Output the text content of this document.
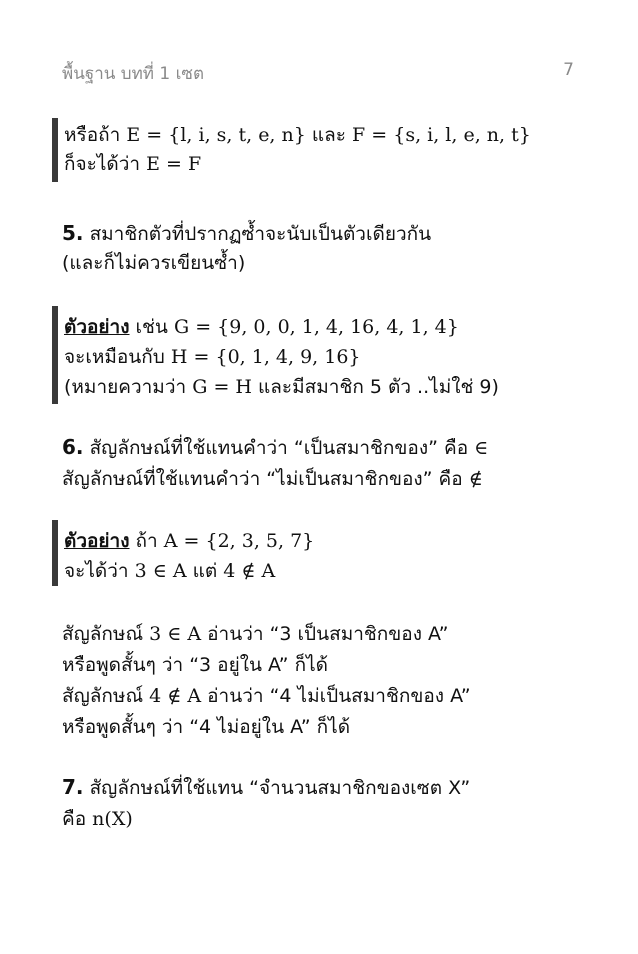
พื้นฐาน บทที่ 1 เซต	7
หรือถ้า E = {l, i, s, t, e, n} และ F = {s, i, l, e, n, t}
ก็จะได้ว่า E = F
5. สมาชิกตัวที่ปรากฏซ้ำจะนับเป็นตัวเดียวกัน
(และก็ไม่ควรเขียนซ้ำ)
ตัวอย่าง เช่น G = {9, 0, 0, 1, 4, 16, 4, 1, 4}
จะเหมือนกับ H = {0, 1, 4, 9, 16}
(หมายความว่า G = H และมีสมาชิก 5 ตัว ..ไม่ใช่ 9)
6. สัญลักษณ์ที่ใช้แทนคำว่า “เป็นสมาชิกของ” คือ ∈
สัญลักษณ์ที่ใช้แทนคำว่า “ไม่เป็นสมาชิกของ” คือ ∉
ตัวอย่าง ถ้า A = {2, 3, 5, 7}
จะได้ว่า 3 ∈ A แต่ 4 ∉ A
สัญลักษณ์ 3 ∈ A อ่านว่า “3 เป็นสมาชิกของ A”
หรือพูดสั้นๆ ว่า “3 อยู่ใน A” ก็ได้
สัญลักษณ์ 4 ∉ A อ่านว่า “4 ไม่เป็นสมาชิกของ A”
หรือพูดสั้นๆ ว่า “4 ไม่อยู่ใน A” ก็ได้
7. สัญลักษณ์ที่ใช้แทน “จำนวนสมาชิกของเซต X”
คือ n(X)
